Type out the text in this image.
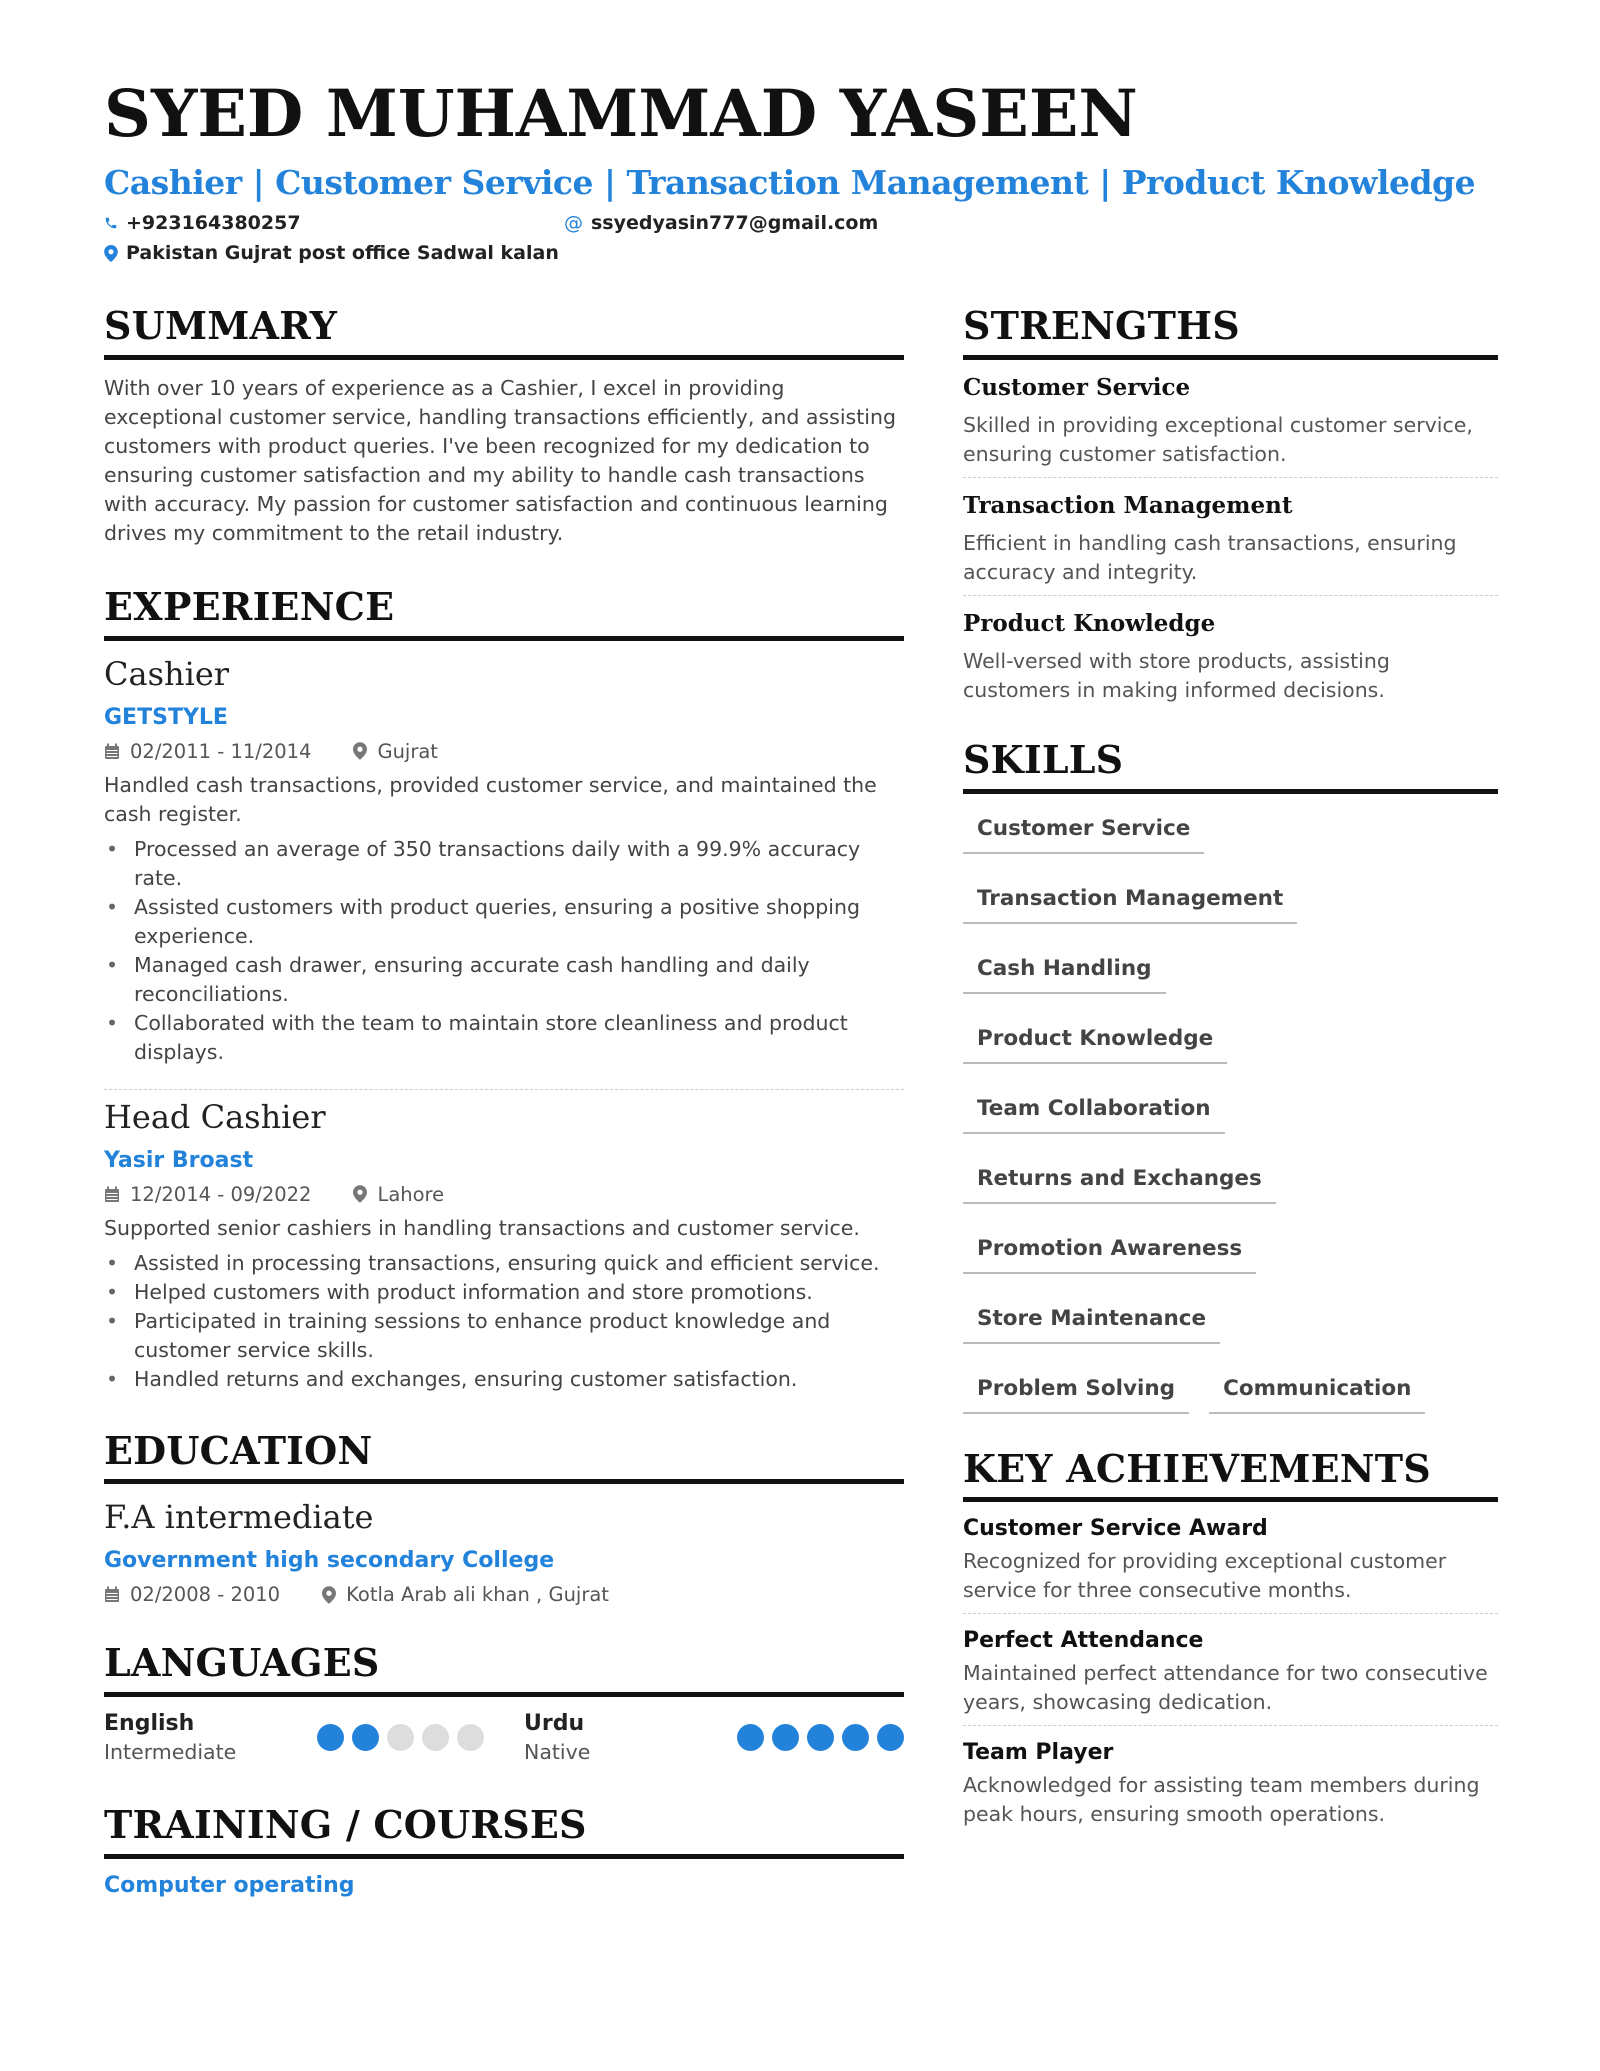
SYED MUHAMMAD YASEEN
Cashier | Customer Service | Transaction Management | Product Knowledge
+923164380257	@ ssyedyasin777@gmail.com
Pakistan Gujrat post office Sadwal kalan
SUMMARY

With over 10 years of experience as a Cashier, I excel in providing exceptional customer service, handling transactions efficiently, and assisting customers with product queries. I've been recognized for my dedication to ensuring customer satisfaction and my ability to handle cash transactions with accuracy. My passion for customer satisfaction and continuous learning drives my commitment to the retail industry.

EXPERIENCE
Cashier
GETSTYLE
02/2011 - 11/2014	Gujrat

Handled cash transactions, provided customer service, and maintained the cash register.

• Processed an average of 350 transactions daily with a 99.9% accuracy rate.
• Assisted customers with product queries, ensuring a positive shopping experience.
• Managed cash drawer, ensuring accurate cash handling and daily reconciliations.
• Collaborated with the team to maintain store cleanliness and product displays.
Head Cashier
Yasir Broast
12/2014 - 09/2022	Lahore

Supported senior cashiers in handling transactions and customer service.

• Assisted in processing transactions, ensuring quick and efficient service.
• Helped customers with product information and store promotions.
• Participated in training sessions to enhance product knowledge and customer service skills.
• Handled returns and exchanges, ensuring customer satisfaction.
EDUCATION
F.A intermediate
Government high secondary College
02/2008 - 2010	Kotla Arab ali khan , Gujrat
LANGUAGES
English
Intermediate
Urdu
Native
TRAINING / COURSES
Computer operating
STRENGTHS
Customer Service
Skilled in providing exceptional customer service, ensuring customer satisfaction.
Transaction Management
Efficient in handling cash transactions, ensuring accuracy and integrity.
Product Knowledge
Well-versed with store products, assisting customers in making informed decisions.
SKILLS
Customer Service
Transaction Management
Cash Handling
Product Knowledge
Team Collaboration
Returns and Exchanges
Promotion Awareness
Store Maintenance
Problem Solving	Communication
KEY ACHIEVEMENTS
Customer Service Award
Recognized for providing exceptional customer service for three consecutive months.
Perfect Attendance
Maintained perfect attendance for two consecutive years, showcasing dedication.
Team Player
Acknowledged for assisting team members during peak hours, ensuring smooth operations.
